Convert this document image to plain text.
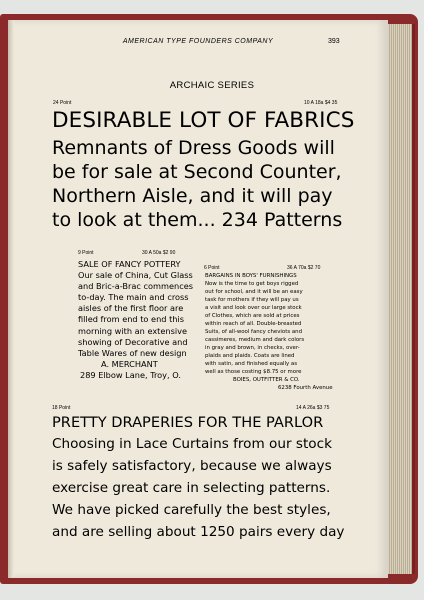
AMERICAN TYPE FOUNDERS COMPANY	393
ARCHAIC SERIES
24 Point	10 A 18a $4 35
DESIRABLE LOT OF FABRICS
Remnants of Dress Goods will
be for sale at Second Counter,
Northern Aisle, and it will pay
to look at them... 234 Patterns
9 Point	30 A 50a $2 90
SALE OF FANCY POTTERY
Our sale of China, Cut Glass
and Bric-a-Brac commences
to-day. The main and cross
aisles of the first floor are
filled from end to end this
morning with an extensive
showing of Decorative and
Table Wares of new design
A. MERCHANT
289 Elbow Lane, Troy, O.
6 Point	36 A 70a $2 70
BARGAINS IN BOYS' FURNISHINGS
Now is the time to get boys rigged
out for school, and it will be an easy
task for mothers if they will pay us
a visit and look over our large stock
of Clothes, which are sold at prices
within reach of all. Double-breasted
Suits, of all-wool fancy cheviots and
cassimeres, medium and dark colors
in gray and brown, in checks, over-
plaids and plaids. Coats are lined
with satin, and finished equally as
well as those costing $8.75 or more
BOIES, OUTFITTER & CO.
6238 Fourth Avenue
18 Point	14 A 26a $3 75
PRETTY DRAPERIES FOR THE PARLOR
Choosing in Lace Curtains from our stock
is safely satisfactory, because we always
exercise great care in selecting patterns.
We have picked carefully the best styles,
and are selling about 1250 pairs every day
